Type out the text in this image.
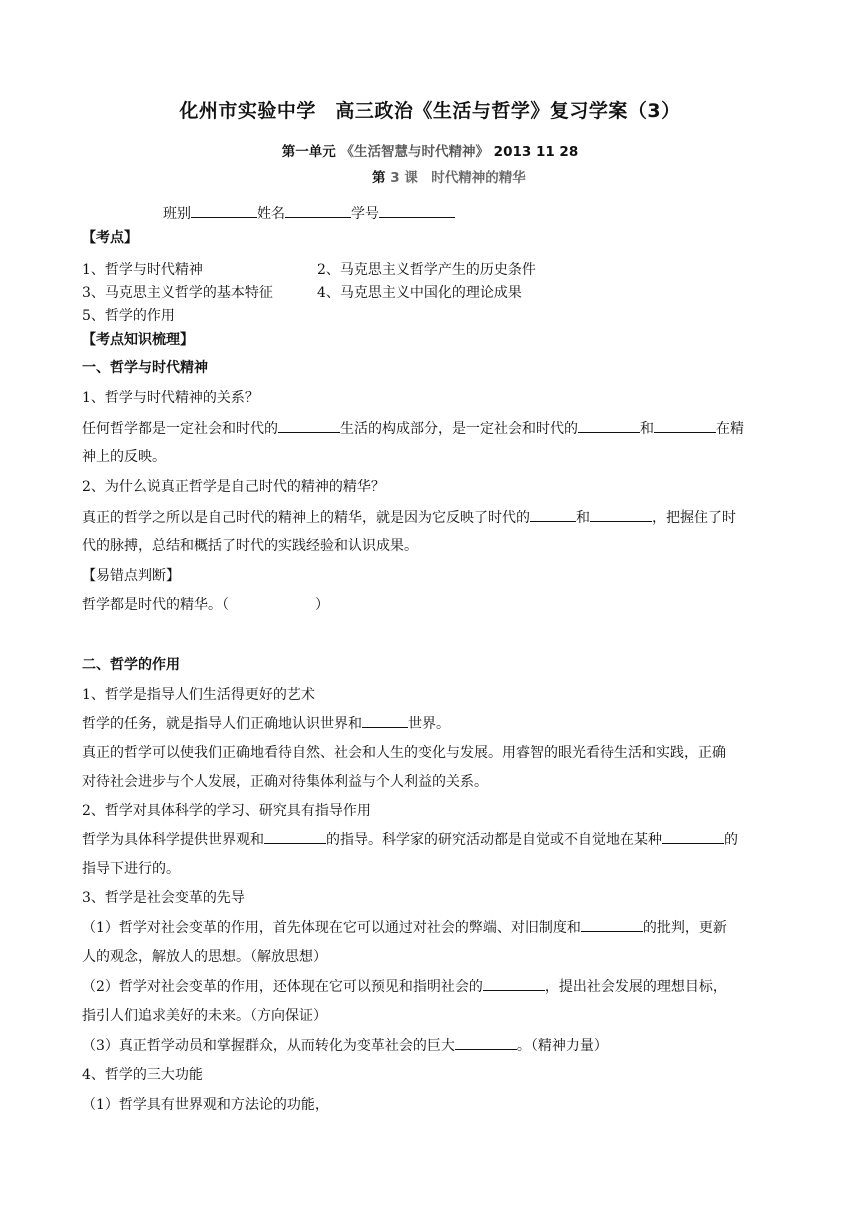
化州市实验中学　高三政治《生活与哲学》复习学案（3）
第一单元 《生活智慧与时代精神》 2013 11 28
第 3 课　时代精神的精华
班别	姓名	学号
【考点】
1、哲学与时代精神	2、马克思主义哲学产生的历史条件
3、马克思主义哲学的基本特征	4、马克思主义中国化的理论成果
5、哲学的作用
【考点知识梳理】
一、哲学与时代精神
1、哲学与时代精神的关系？
任何哲学都是一定社会和时代的	生活的构成部分，是一定社会和时代的	和	在精
神上的反映。
2、为什么说真正哲学是自己时代的精神的精华？
真正的哲学之所以是自己时代的精神上的精华，就是因为它反映了时代的	和	，把握住了时
代的脉搏，总结和概括了时代的实践经验和认识成果。
【易错点判断】
哲学都是时代的精华。（	）
二、哲学的作用
1、哲学是指导人们生活得更好的艺术
哲学的任务，就是指导人们正确地认识世界和	世界。
真正的哲学可以使我们正确地看待自然、社会和人生的变化与发展。用睿智的眼光看待生活和实践，正确
对待社会进步与个人发展，正确对待集体利益与个人利益的关系。
2、哲学对具体科学的学习、研究具有指导作用
哲学为具体科学提供世界观和	的指导。科学家的研究活动都是自觉或不自觉地在某种	的
指导下进行的。
3、哲学是社会变革的先导
（1）哲学对社会变革的作用，首先体现在它可以通过对社会的弊端、对旧制度和	的批判，更新
人的观念，解放人的思想。（解放思想）
（2）哲学对社会变革的作用，还体现在它可以预见和指明社会的	，提出社会发展的理想目标，
指引人们追求美好的未来。（方向保证）
（3）真正哲学动员和掌握群众，从而转化为变革社会的巨大	。（精神力量）
4、哲学的三大功能
（1）哲学具有世界观和方法论的功能，
